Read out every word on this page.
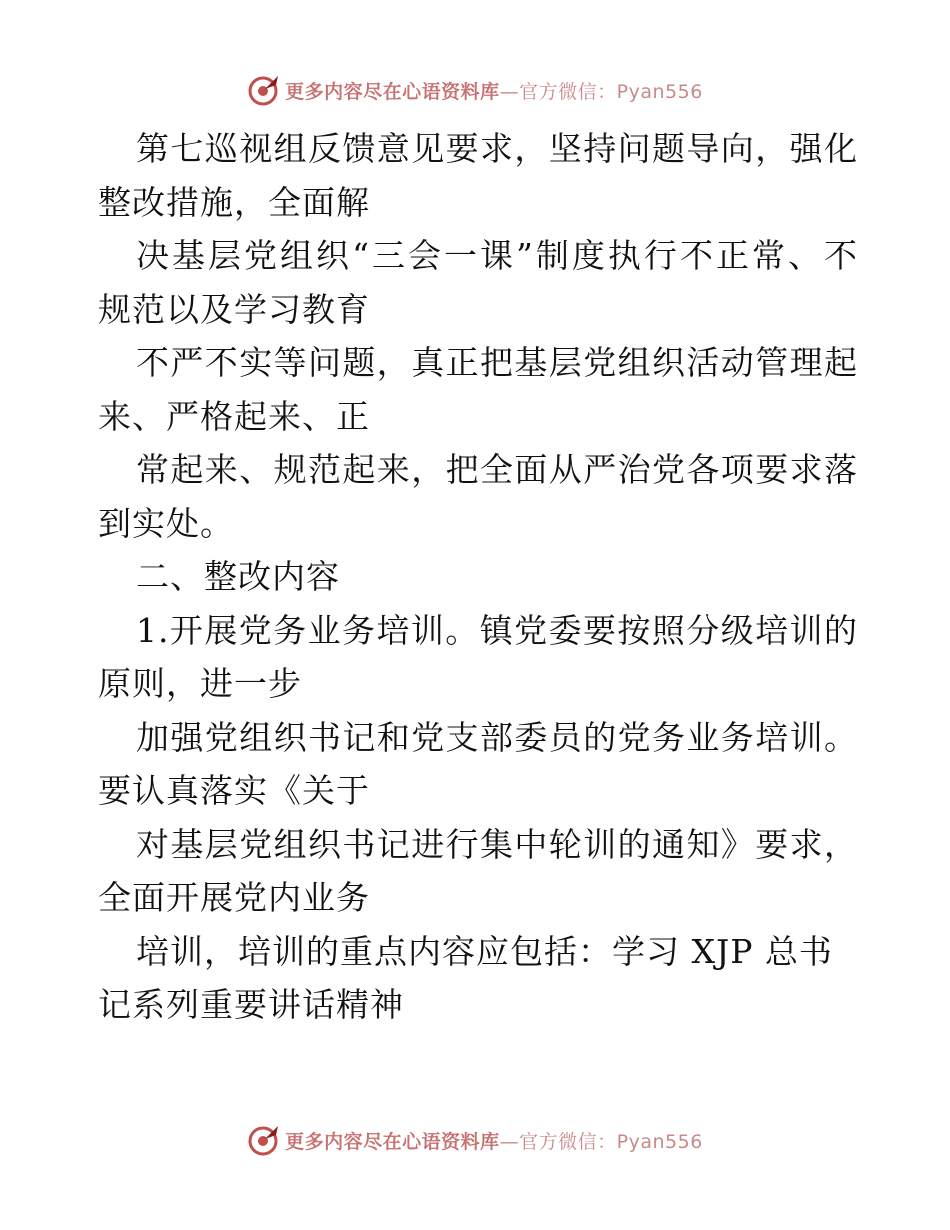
更多内容尽在心语资料库—官方微信：Pyan556
第七巡视组反馈意见要求，坚持问题导向，强化
整改措施，全面解
决基层党组织“三会一课”制度执行不正常、不
规范以及学习教育
不严不实等问题，真正把基层党组织活动管理起
来、严格起来、正
常起来、规范起来，把全面从严治党各项要求落
到实处。
二、整改内容
1.开展党务业务培训。镇党委要按照分级培训的
原则，进一步
加强党组织书记和党支部委员的党务业务培训。
要认真落实《关于
对基层党组织书记进行集中轮训的通知》要求，
全面开展党内业务
培训，培训的重点内容应包括：学习 XJP 总书
记系列重要讲话精神
更多内容尽在心语资料库—官方微信：Pyan556
